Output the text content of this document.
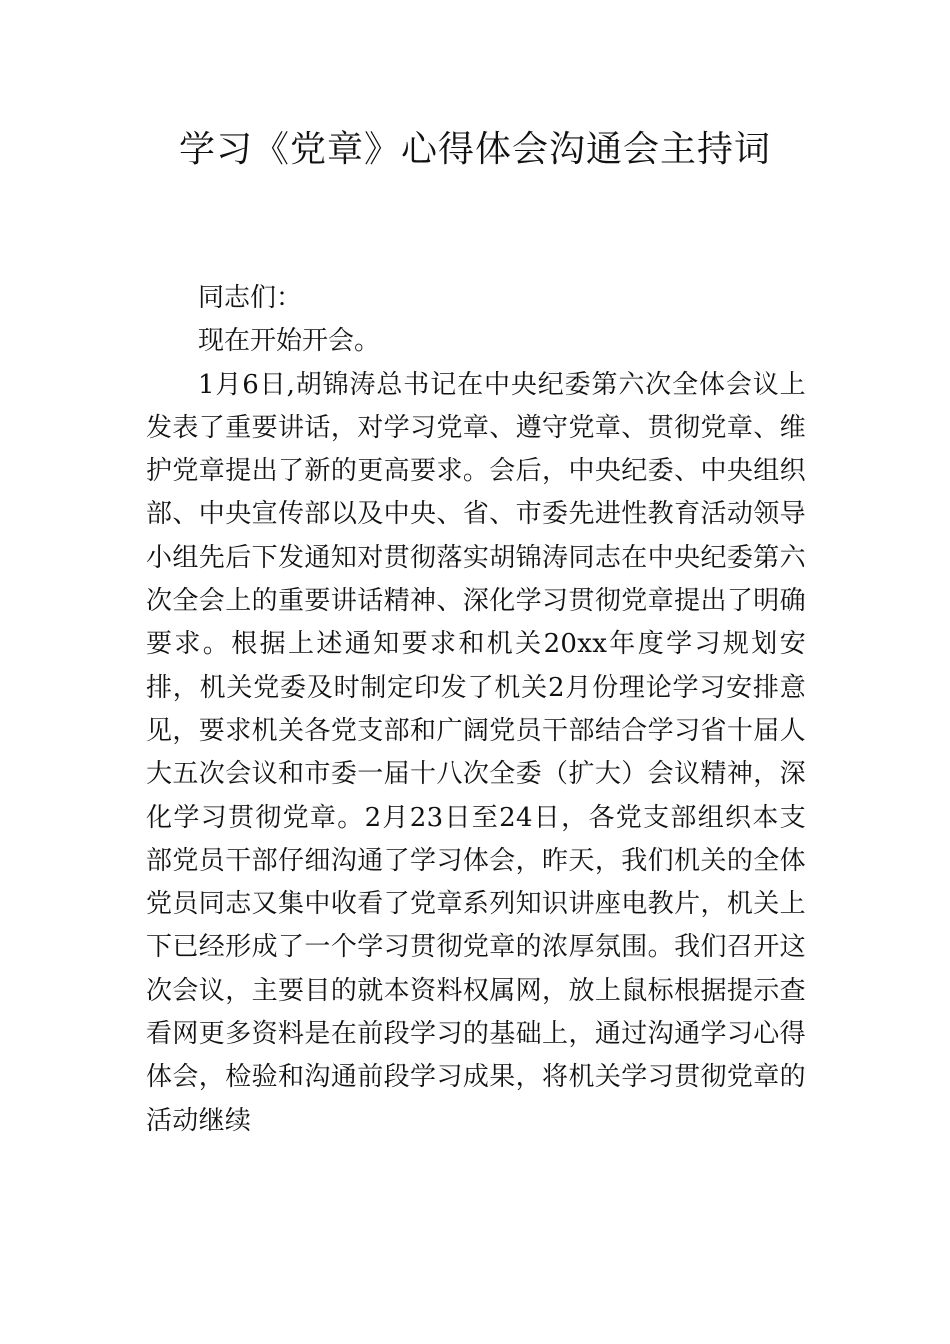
学习《党章》心得体会沟通会主持词

同志们：

现在开始开会。

1月6日,胡锦涛总书记在中央纪委第六次全体会议上发表了重要讲话，对学习党章、遵守党章、贯彻党章、维护党章提出了新的更高要求。会后，中央纪委、中央组织部、中央宣传部以及中央、省、市委先进性教育活动领导小组先后下发通知对贯彻落实胡锦涛同志在中央纪委第六次全会上的重要讲话精神、深化学习贯彻党章提出了明确要求。根据上述通知要求和机关20xx年度学习规划安排，机关党委及时制定印发了机关2月份理论学习安排意见，要求机关各党支部和广阔党员干部结合学习省十届人大五次会议和市委一届十八次全委（扩大）会议精神，深化学习贯彻党章。2月23日至24日，各党支部组织本支部党员干部仔细沟通了学习体会，昨天，我们机关的全体党员同志又集中收看了党章系列知识讲座电教片，机关上下已经形成了一个学习贯彻党章的浓厚氛围。我们召开这次会议，主要目的就本资料权属网，放上鼠标根据提示查看网更多资料是在前段学习的基础上，通过沟通学习心得体会，检验和沟通前段学习成果，将机关学习贯彻党章的活动继续
